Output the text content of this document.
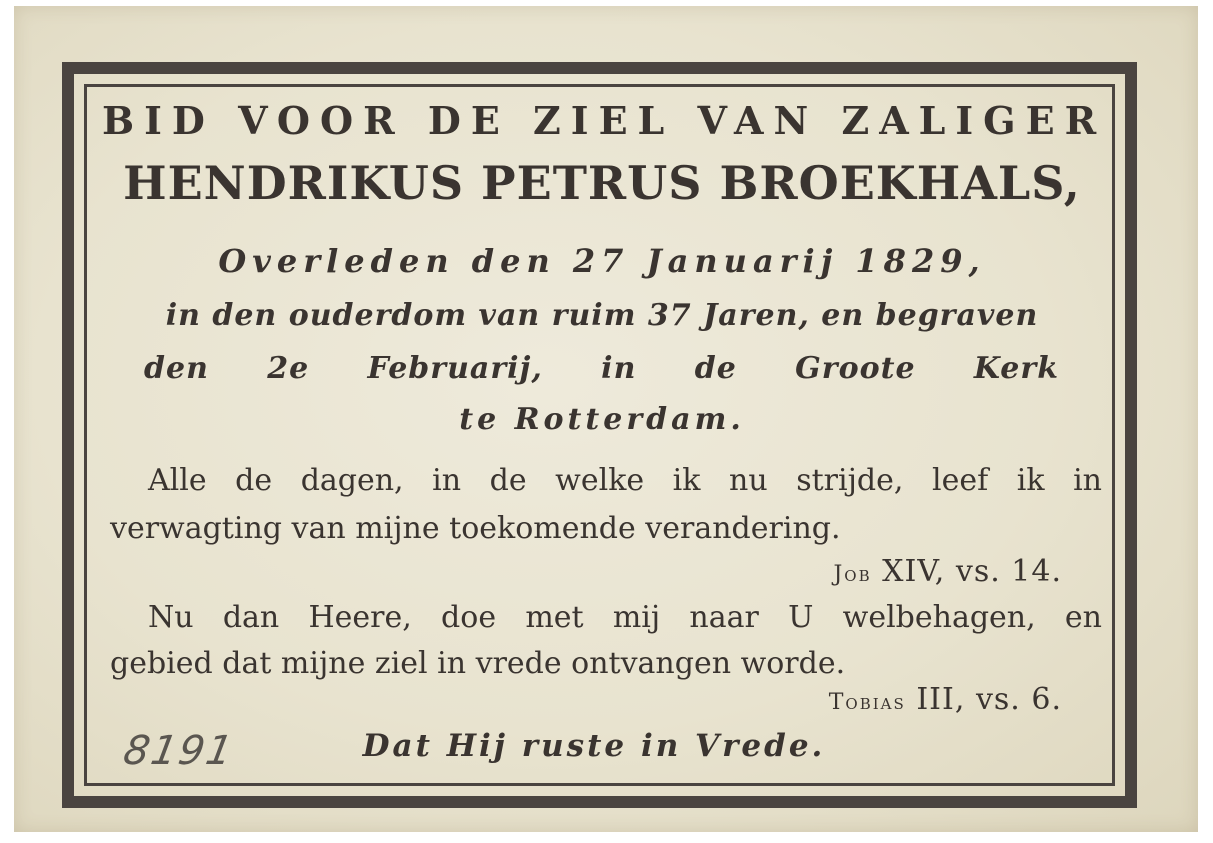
BID VOOR DE ZIEL VAN ZALIGER
HENDRIKUS PETRUS BROEKHALS,
Overleden den 27 Januarij 1829,
in den ouderdom van ruim 37 Jaren, en begraven
den 2e Februarij, in de Groote Kerk
te Rotterdam.
Alle de dagen, in de welke ik nu strijde, leef ik in
verwagting van mijne toekomende verandering.
Job XIV, vs. 14.
Nu dan Heere, doe met mij naar U welbehagen, en
gebied dat mijne ziel in vrede ontvangen worde.
Tobias III, vs. 6.
8191	Dat Hij ruste in Vrede.
